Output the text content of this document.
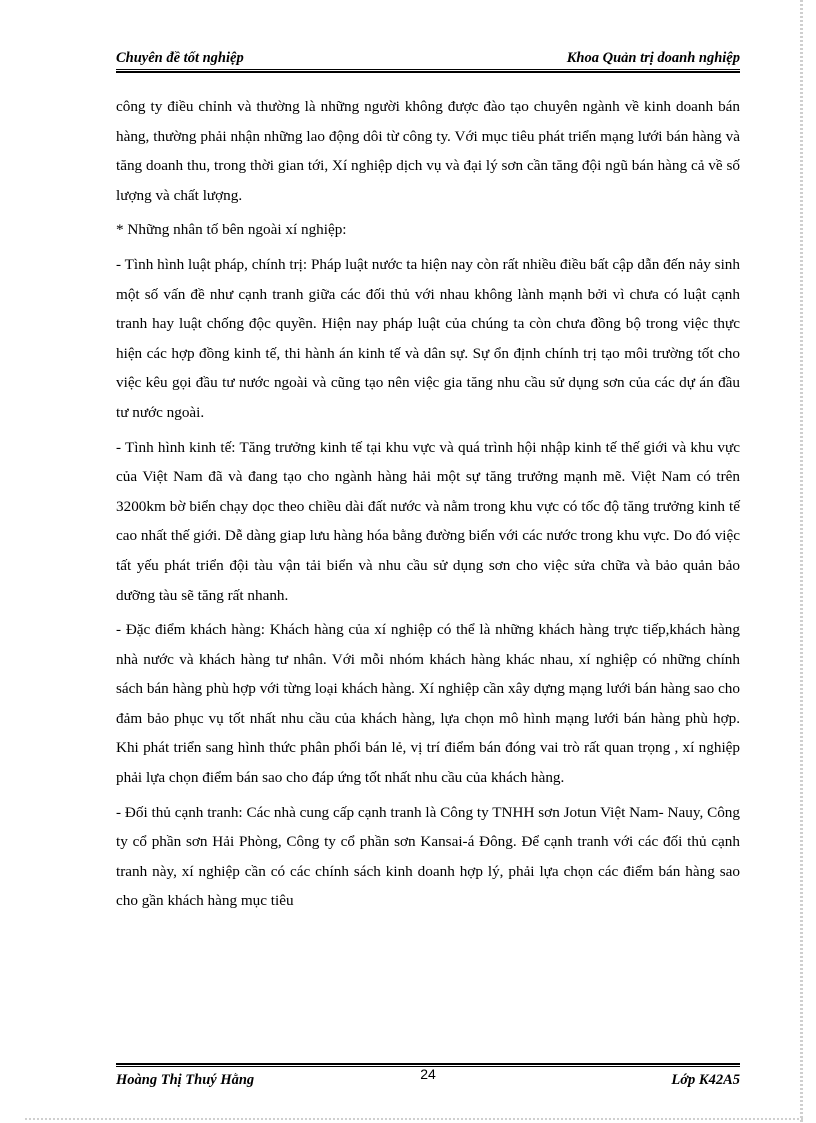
Chuyên đề tốt nghiệp	Khoa Quản trị doanh nghiệp

công ty điều chỉnh và thường là những người không được đào tạo chuyên ngành về kinh doanh bán hàng, thường phải nhận những lao động dôi từ công ty. Với mục tiêu phát triển mạng lưới bán hàng và tăng doanh thu, trong thời gian tới, Xí nghiệp dịch vụ và đại lý sơn cần tăng đội ngũ bán hàng cả về số lượng và chất lượng.

* Những nhân tố bên ngoài xí nghiệp:

- Tình hình luật pháp, chính trị: Pháp luật nước ta hiện nay còn rất nhiều điều bất cập dẫn đến nảy sinh một số vấn đề như cạnh tranh giữa các đối thủ với nhau không lành mạnh bởi vì chưa có luật cạnh tranh hay luật chống độc quyền. Hiện nay pháp luật của chúng ta còn chưa đồng bộ trong việc thực hiện các hợp đồng kinh tế, thi hành án kinh tế và dân sự. Sự ổn định chính trị tạo môi trường tốt cho việc kêu gọi đầu tư nước ngoài và cũng tạo nên việc gia tăng nhu cầu sử dụng sơn của các dự án đầu tư nước ngoài.

- Tình hình kinh tế: Tăng trưởng kinh tế tại khu vực và quá trình hội nhập kinh tế thế giới và khu vực của Việt Nam đã và đang tạo cho ngành hàng hải một sự tăng trưởng mạnh mẽ. Việt Nam có trên 3200km bờ biển chạy dọc theo chiều dài đất nước và nằm trong khu vực có tốc độ tăng trưởng kinh tế cao nhất thế giới. Dễ dàng giap lưu hàng hóa bằng đường biển với các nước trong khu vực. Do đó việc tất yếu phát triển đội tàu vận tải biển và nhu cầu sử dụng sơn cho việc sửa chữa và bảo quản bảo dưỡng tàu sẽ tăng rất nhanh.

- Đặc điểm khách hàng: Khách hàng của xí nghiệp có thể là những khách hàng trực tiếp,khách hàng nhà nước và khách hàng tư nhân. Với mỗi nhóm khách hàng khác nhau, xí nghiệp có những chính sách bán hàng phù hợp với từng loại khách hàng. Xí nghiệp cần xây dựng mạng lưới bán hàng sao cho đảm bảo phục vụ tốt nhất nhu cầu của khách hàng, lựa chọn mô hình mạng lưới bán hàng phù hợp. Khi phát triển sang hình thức phân phối bán lẻ, vị trí điểm bán đóng vai trò rất quan trọng , xí nghiệp phải lựa chọn điểm bán sao cho đáp ứng tốt nhất nhu cầu của khách hàng.

- Đối thủ cạnh tranh: Các nhà cung cấp cạnh tranh là Công ty TNHH sơn Jotun Việt Nam- Nauy, Công ty cổ phần sơn Hải Phòng, Công ty cổ phần sơn Kansai-á Đông. Để cạnh tranh với các đối thủ cạnh tranh này, xí nghiệp cần có các chính sách kinh doanh hợp lý, phải lựa chọn các điểm bán hàng sao cho gần khách hàng mục tiêu

Hoàng Thị Thuý Hằng	24	Lớp K42A5
